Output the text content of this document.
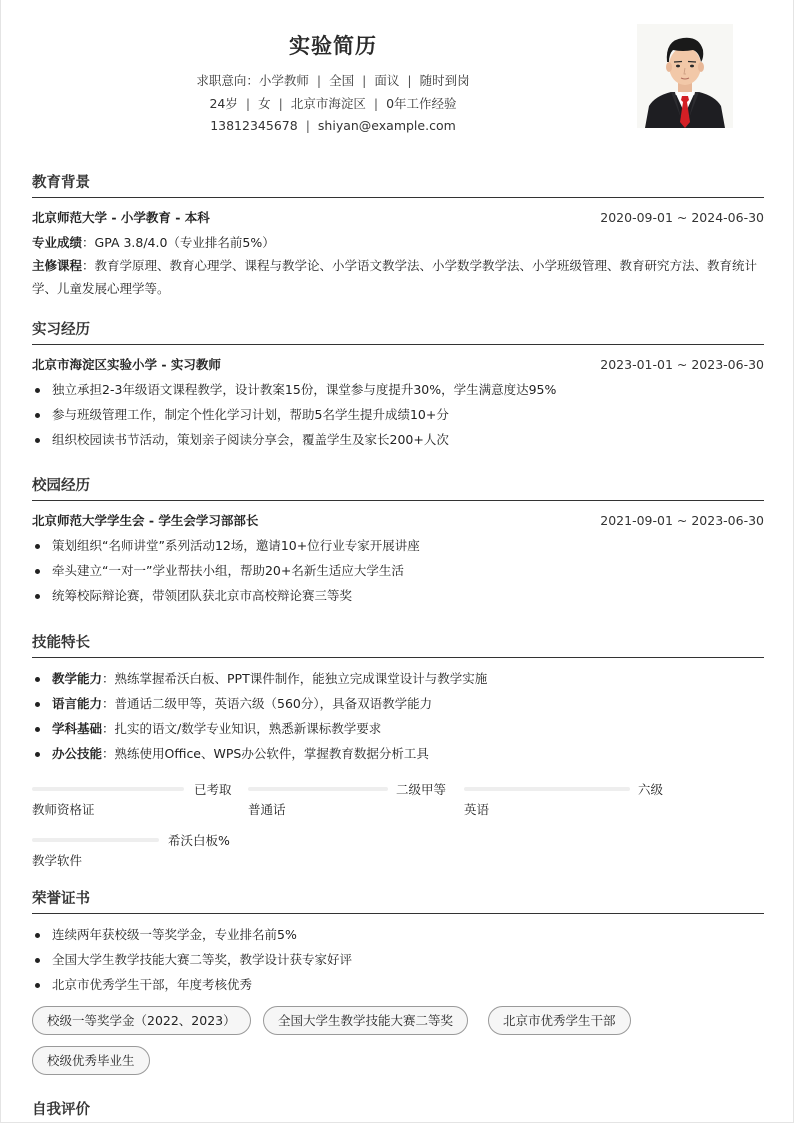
实验简历
求职意向：小学教师 | 全国 | 面议 | 随时到岗
24岁 | 女 | 北京市海淀区 | 0年工作经验
13812345678 | shiyan@example.com
教育背景
北京师范大学 - 小学教育 - 本科	2020-09-01 ~ 2024-06-30
专业成绩：GPA 3.8/4.0（专业排名前5%）
主修课程：教育学原理、教育心理学、课程与教学论、小学语文教学法、小学数学教学法、小学班级管理、教育研究方法、教育统计学、儿童发展心理学等。
实习经历
北京市海淀区实验小学 - 实习教师	2023-01-01 ~ 2023-06-30
独立承担2-3年级语文课程教学，设计教案15份，课堂参与度提升30%，学生满意度达95%
参与班级管理工作，制定个性化学习计划，帮助5名学生提升成绩10+分
组织校园读书节活动，策划亲子阅读分享会，覆盖学生及家长200+人次
校园经历
北京师范大学学生会 - 学生会学习部部长	2021-09-01 ~ 2023-06-30
策划组织“名师讲堂”系列活动12场，邀请10+位行业专家开展讲座
牵头建立“一对一”学业帮扶小组，帮助20+名新生适应大学生活
统筹校际辩论赛，带领团队获北京市高校辩论赛三等奖
技能特长
教学能力：熟练掌握希沃白板、PPT课件制作，能独立完成课堂设计与教学实施
语言能力：普通话二级甲等，英语六级（560分），具备双语教学能力
学科基础：扎实的语文/数学专业知识，熟悉新课标教学要求
办公技能：熟练使用Office、WPS办公软件，掌握教育数据分析工具
已考取
教师资格证
二级甲等
普通话
六级
英语
希沃白板%
教学软件
荣誉证书
连续两年获校级一等奖学金，专业排名前5%
全国大学生教学技能大赛二等奖，教学设计获专家好评
北京市优秀学生干部，年度考核优秀
校级一等奖学金（2022、2023）	全国大学生教学技能大赛二等奖	北京市优秀学生干部
校级优秀毕业生
自我评价
